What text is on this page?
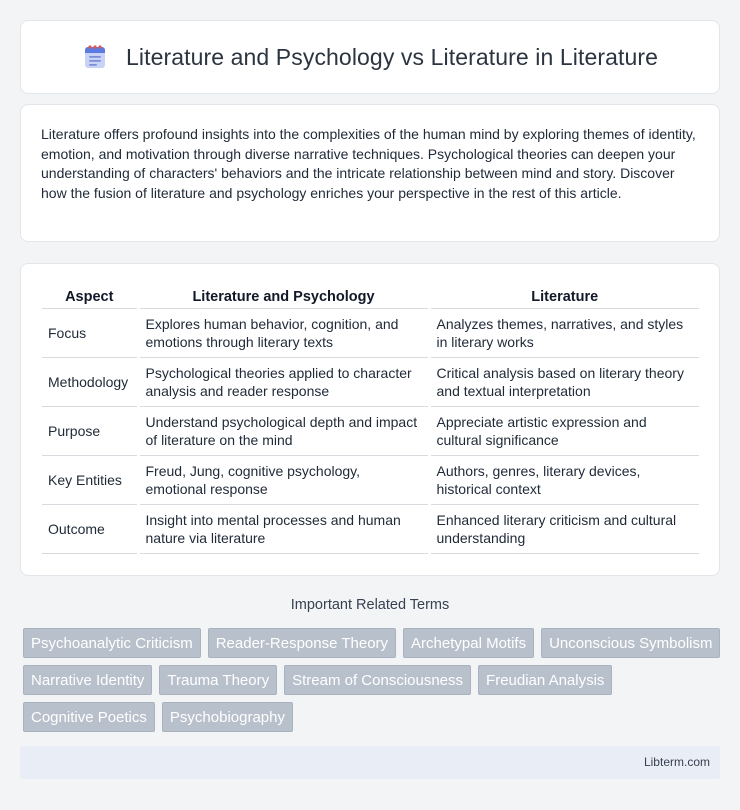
Literature and Psychology vs Literature in Literature

Literature offers profound insights into the complexities of the human mind by exploring themes of identity, emotion, and motivation through diverse narrative techniques. Psychological theories can deepen your understanding of characters' behaviors and the intricate relationship between mind and story. Discover how the fusion of literature and psychology enriches your perspective in the rest of this article.

Aspect	Literature and Psychology	Literature
Focus	Explores human behavior, cognition, and emotions through literary texts	Analyzes themes, narratives, and styles in literary works
Methodology	Psychological theories applied to character analysis and reader response	Critical analysis based on literary theory and textual interpretation
Purpose	Understand psychological depth and impact of literature on the mind	Appreciate artistic expression and cultural significance
Key Entities	Freud, Jung, cognitive psychology, emotional response	Authors, genres, literary devices, historical context
Outcome	Insight into mental processes and human nature via literature	Enhanced literary criticism and cultural understanding
Important Related Terms
Psychoanalytic Criticism	Reader-Response Theory	Archetypal Motifs	Unconscious Symbolism
Narrative Identity	Trauma Theory	Stream of Consciousness	Freudian Analysis
Cognitive Poetics	Psychobiography
Libterm.com
